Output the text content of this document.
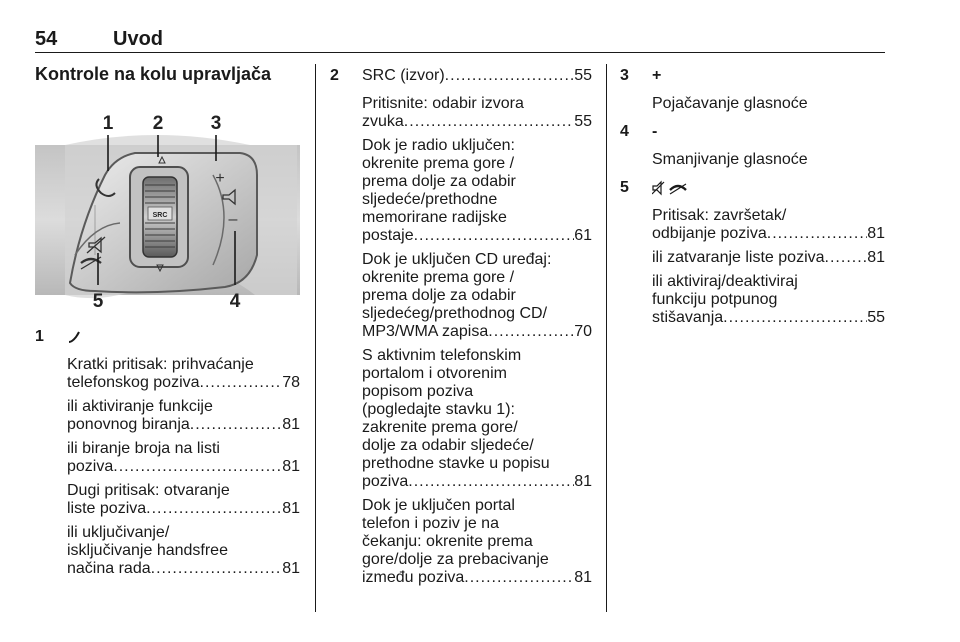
54	Uvod
Kontrole na kolu upravljača
SRC
+
–
1 2 3
4
5
1
Kratki pritisak: prihvaćanje
telefonskog poziva .....	78
ili aktiviranje funkcije
ponovnog biranja .....	81
ili biranje broja na listi
poziva .....	81
Dugi pritisak: otvaranje
liste poziva .....	81
ili uključivanje/
isključivanje handsfree
načina rada .....	81
2 SRC (izvor) .....	55
Pritisnite: odabir izvora
zvuka .....	55
Dok je radio uključen:
okrenite prema gore /
prema dolje za odabir
sljedeće/prethodne
memorirane radijske
postaje .....	61
Dok je uključen CD uređaj:
okrenite prema gore /
prema dolje za odabir
sljedećeg/prethodnog CD/
MP3/WMA zapisa .....	70
S aktivnim telefonskim
portalom i otvorenim
popisom poziva
(pogledajte stavku 1):
zakrenite prema gore/
dolje za odabir sljedeće/
prethodne stavke u popisu
poziva .....	81
Dok je uključen portal
telefon i poziv je na
čekanju: okrenite prema
gore/dolje za prebacivanje
između poziva .....	81
3 +
Pojačavanje glasnoće
4 -
Smanjivanje glasnoće
5
Pritisak: završetak/
odbijanje poziva .....	81
ili zatvaranje liste poziva .....	81
ili aktiviraj/deaktiviraj
funkciju potpunog
stišavanja .....	55
